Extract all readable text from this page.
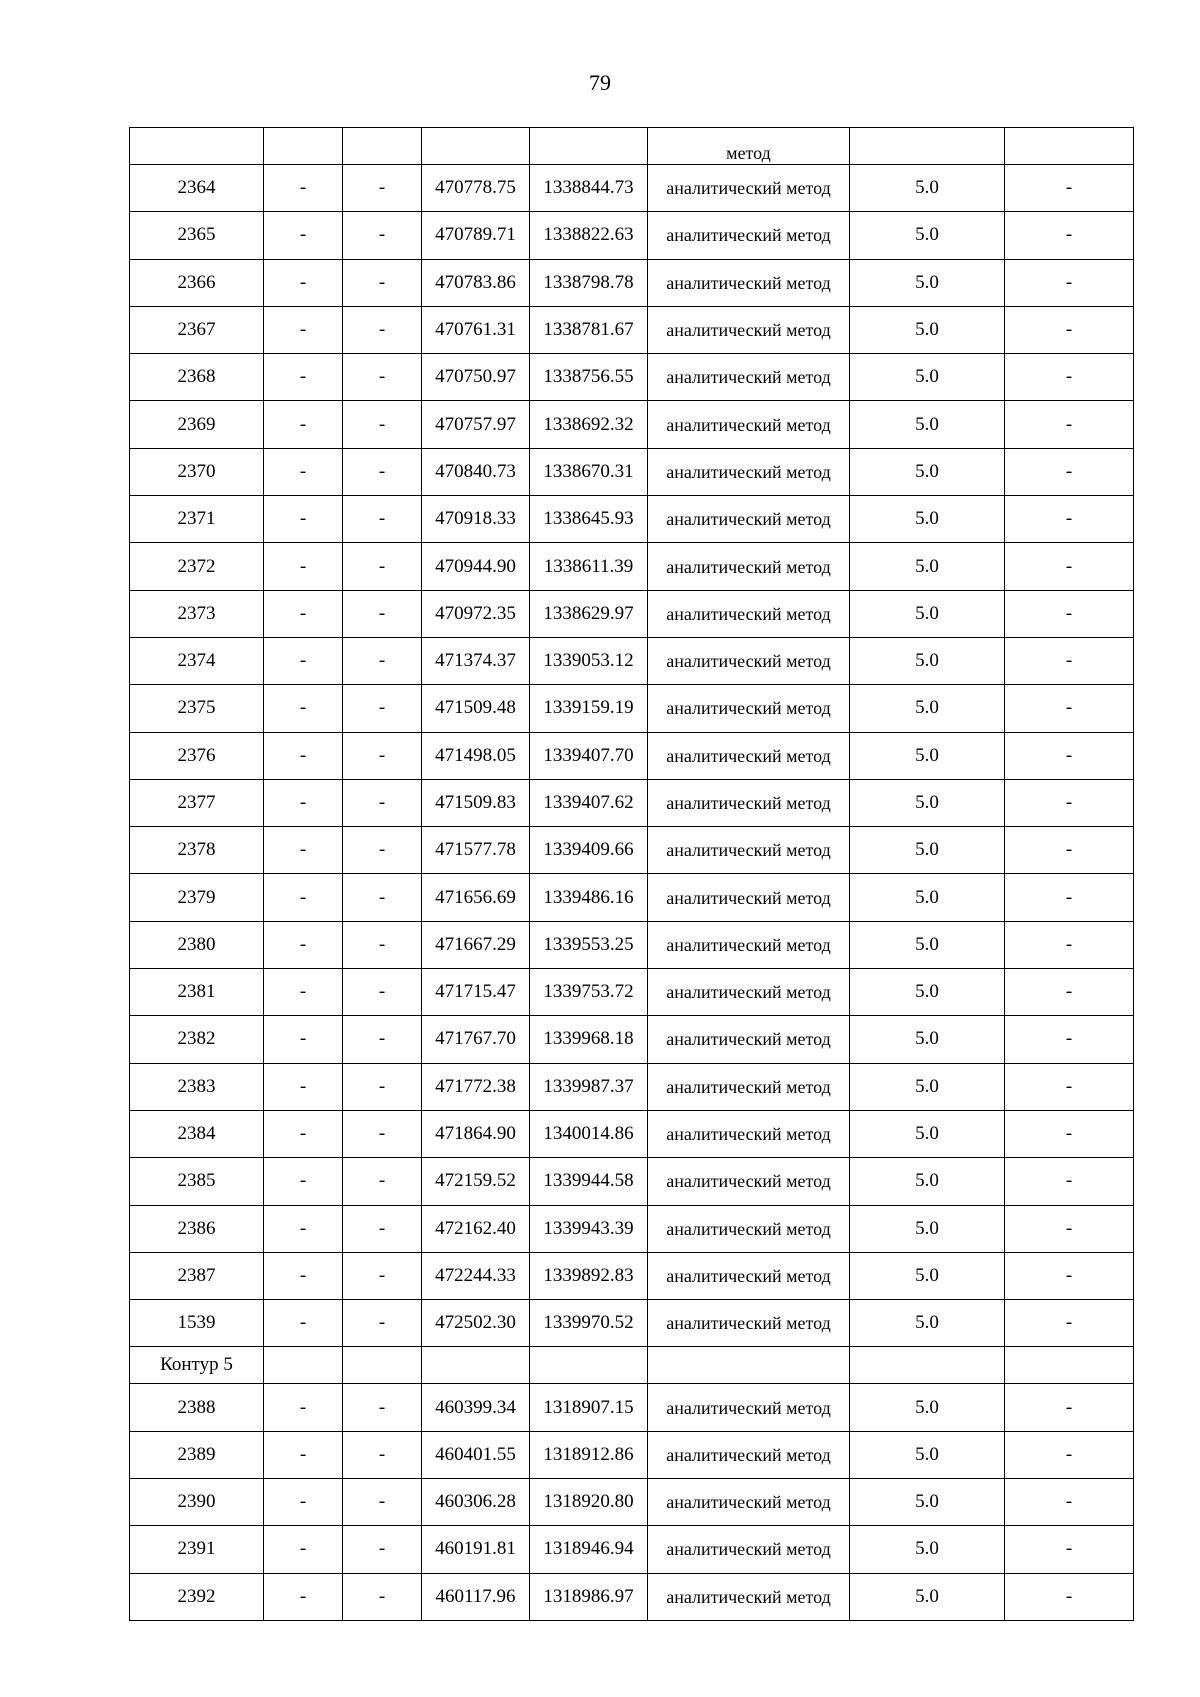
79
					метод		
2364	-	-	470778.75	1338844.73	аналитический метод	5.0	-
2365	-	-	470789.71	1338822.63	аналитический метод	5.0	-
2366	-	-	470783.86	1338798.78	аналитический метод	5.0	-
2367	-	-	470761.31	1338781.67	аналитический метод	5.0	-
2368	-	-	470750.97	1338756.55	аналитический метод	5.0	-
2369	-	-	470757.97	1338692.32	аналитический метод	5.0	-
2370	-	-	470840.73	1338670.31	аналитический метод	5.0	-
2371	-	-	470918.33	1338645.93	аналитический метод	5.0	-
2372	-	-	470944.90	1338611.39	аналитический метод	5.0	-
2373	-	-	470972.35	1338629.97	аналитический метод	5.0	-
2374	-	-	471374.37	1339053.12	аналитический метод	5.0	-
2375	-	-	471509.48	1339159.19	аналитический метод	5.0	-
2376	-	-	471498.05	1339407.70	аналитический метод	5.0	-
2377	-	-	471509.83	1339407.62	аналитический метод	5.0	-
2378	-	-	471577.78	1339409.66	аналитический метод	5.0	-
2379	-	-	471656.69	1339486.16	аналитический метод	5.0	-
2380	-	-	471667.29	1339553.25	аналитический метод	5.0	-
2381	-	-	471715.47	1339753.72	аналитический метод	5.0	-
2382	-	-	471767.70	1339968.18	аналитический метод	5.0	-
2383	-	-	471772.38	1339987.37	аналитический метод	5.0	-
2384	-	-	471864.90	1340014.86	аналитический метод	5.0	-
2385	-	-	472159.52	1339944.58	аналитический метод	5.0	-
2386	-	-	472162.40	1339943.39	аналитический метод	5.0	-
2387	-	-	472244.33	1339892.83	аналитический метод	5.0	-
1539	-	-	472502.30	1339970.52	аналитический метод	5.0	-
Контур 5							
2388	-	-	460399.34	1318907.15	аналитический метод	5.0	-
2389	-	-	460401.55	1318912.86	аналитический метод	5.0	-
2390	-	-	460306.28	1318920.80	аналитический метод	5.0	-
2391	-	-	460191.81	1318946.94	аналитический метод	5.0	-
2392	-	-	460117.96	1318986.97	аналитический метод	5.0	-
